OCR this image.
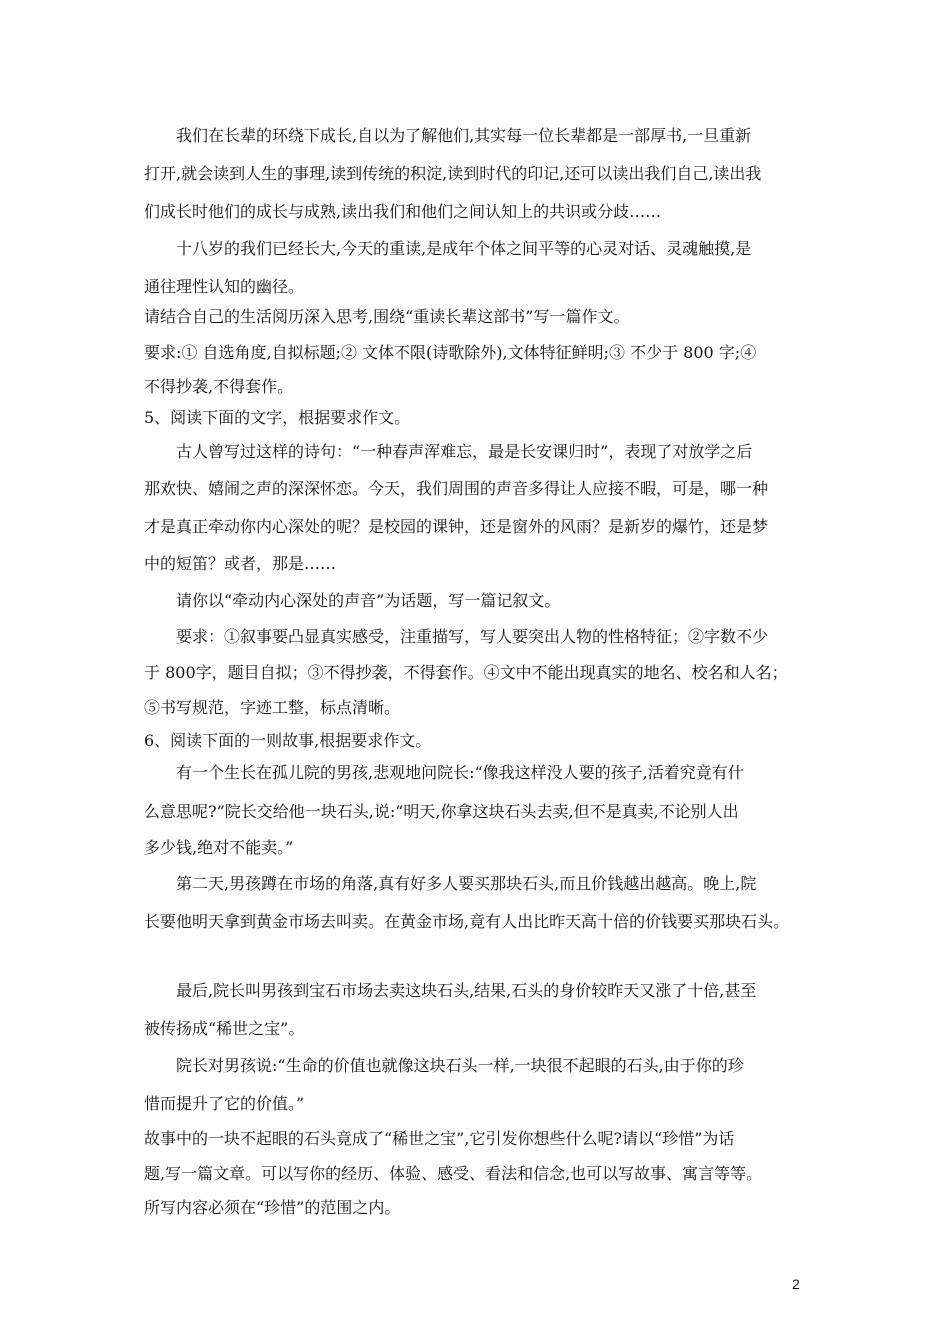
我们在长辈的环绕下成长,自以为了解他们,其实每一位长辈都是一部厚书,一旦重新
打开,就会读到人生的事理,读到传统的积淀,读到时代的印记,还可以读出我们自己,读出我
们成长时他们的成长与成熟,读出我们和他们之间认知上的共识或分歧……
十八岁的我们已经长大,今天的重读,是成年个体之间平等的心灵对话、灵魂触摸,是
通往理性认知的幽径。
请结合自己的生活阅历深入思考,围绕“重读长辈这部书”写一篇作文。
要求:① 自选角度,自拟标题;② 文体不限(诗歌除外),文体特征鲜明;③ 不少于 800 字;④
不得抄袭,不得套作。
5、阅读下面的文字，根据要求作文。
古人曾写过这样的诗句：“一种春声浑难忘，最是长安课归时”，表现了对放学之后
那欢快、嬉闹之声的深深怀恋。今天，我们周围的声音多得让人应接不暇，可是，哪一种
才是真正牵动你内心深处的呢？是校园的课钟，还是窗外的风雨？是新岁的爆竹，还是梦
中的短笛？或者，那是……
请你以“牵动内心深处的声音”为话题，写一篇记叙文。
要求：①叙事要凸显真实感受，注重描写，写人要突出人物的性格特征；②字数不少
于 800字，题目自拟；③不得抄袭，不得套作。④文中不能出现真实的地名、校名和人名；
⑤书写规范，字迹工整，标点清晰。
6、阅读下面的一则故事,根据要求作文。
有一个生长在孤儿院的男孩,悲观地问院长:“像我这样没人要的孩子,活着究竟有什
么意思呢?”院长交给他一块石头,说:“明天,你拿这块石头去卖,但不是真卖,不论别人出
多少钱,绝对不能卖。”
第二天,男孩蹲在市场的角落,真有好多人要买那块石头,而且价钱越出越高。晚上,院
长要他明天拿到黄金市场去叫卖。在黄金市场,竟有人出比昨天高十倍的价钱要买那块石头。
最后,院长叫男孩到宝石市场去卖这块石头,结果,石头的身价较昨天又涨了十倍,甚至
被传扬成“稀世之宝”。
院长对男孩说:“生命的价值也就像这块石头一样,一块很不起眼的石头,由于你的珍
惜而提升了它的价值。”
故事中的一块不起眼的石头竟成了“稀世之宝”,它引发你想些什么呢?请以“珍惜”为话
题,写一篇文章。可以写你的经历、体验、感受、看法和信念,也可以写故事、寓言等等。
所写内容必须在“珍惜”的范围之内。
2
